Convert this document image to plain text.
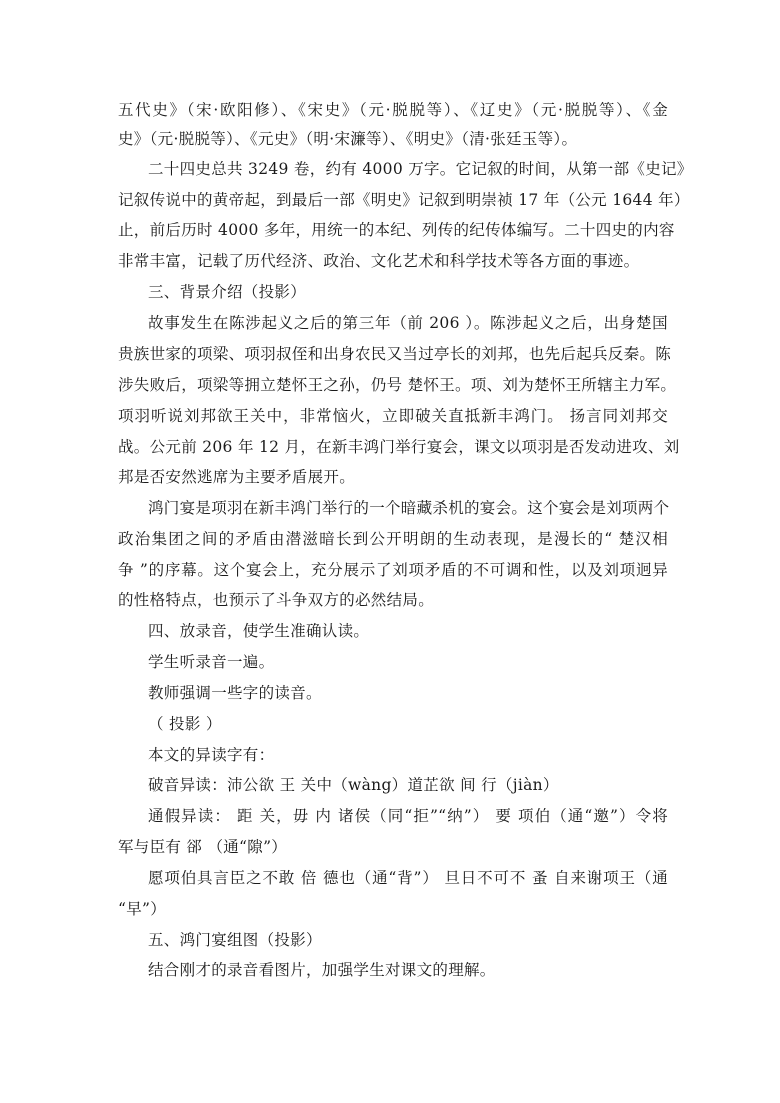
五代史》（宋·欧阳修）、《宋史》（元·脱脱等）、《辽史》（元·脱脱等）、《金
史》（元·脱脱等）、《元史》（明·宋濂等）、《明史》（清·张廷玉等）。
二十四史总共 3249 卷，约有 4000 万字。它记叙的时间，从第一部《史记》
记叙传说中的黄帝起，到最后一部《明史》记叙到明崇祯 17 年（公元 1644 年）
止，前后历时 4000 多年，用统一的本纪、列传的纪传体编写。二十四史的内容
非常丰富，记载了历代经济、政治、文化艺术和科学技术等各方面的事迹。
三、背景介绍（投影）
故事发生在陈涉起义之后的第三年（前 206 ）。陈涉起义之后，出身楚国
贵族世家的项梁、项羽叔侄和出身农民又当过亭长的刘邦，也先后起兵反秦。陈
涉失败后，项梁等拥立楚怀王之孙，仍号 楚怀王。项、刘为楚怀王所辖主力军。
项羽听说刘邦欲王关中，非常恼火，立即破关直抵新丰鸿门。 扬言同刘邦交
战。公元前 206 年 12 月，在新丰鸿门举行宴会，课文以项羽是否发动进攻、刘
邦是否安然逃席为主要矛盾展开。
鸿门宴是项羽在新丰鸿门举行的一个暗藏杀机的宴会。这个宴会是刘项两个
政治集团之间的矛盾由潜滋暗长到公开明朗的生动表现，是漫长的“ 楚汉相
争 ”的序幕。这个宴会上，充分展示了刘项矛盾的不可调和性，以及刘项迥异
的性格特点，也预示了斗争双方的必然结局。
四、放录音，使学生准确认读。
学生听录音一遍。
教师强调一些字的读音。
（ 投影 ）
本文的异读字有：
破音异读：沛公欲 王 关中（wàng）道芷欲 间 行（jiàn）
通假异读： 距 关，毋 内 诸侯（同“拒”“纳”） 要 项伯（通“邀”）令将
军与臣有 郤 （通“隙”）
愿项伯具言臣之不敢 倍 德也（通“背”） 旦日不可不 蚤 自来谢项王（通
“早”）
五、鸿门宴组图（投影）
结合刚才的录音看图片，加强学生对课文的理解。
